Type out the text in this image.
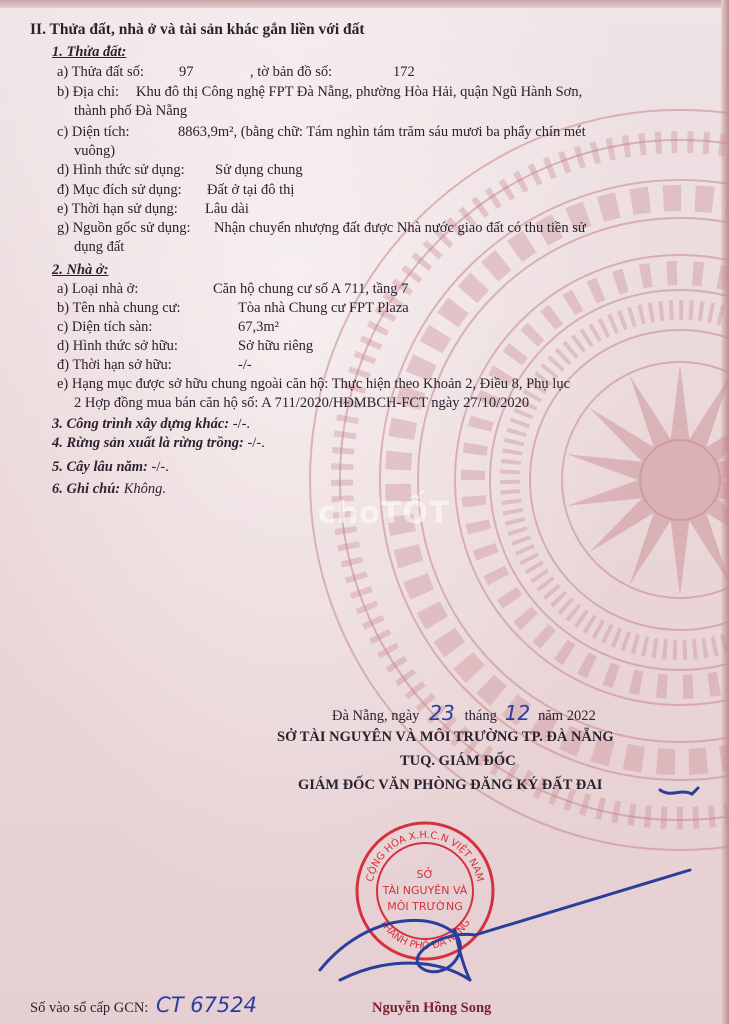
choTỐT
II. Thửa đất, nhà ở và tài sản khác gắn liền với đất
1. Thửa đất:
a) Thửa đất số: 97	, tờ bản đồ số:	172
b) Địa chỉ: Khu đô thị Công nghệ FPT Đà Nẵng, phường Hòa Hải, quận Ngũ Hành Sơn,
thành phố Đà Nẵng
c) Diện tích:	8863,9m², (bằng chữ: Tám nghìn tám trăm sáu mươi ba phẩy chín mét
vuông)
d) Hình thức sử dụng: Sử dụng chung
đ) Mục đích sử dụng: Đất ở tại đô thị
e) Thời hạn sử dụng: Lâu dài
g) Nguồn gốc sử dụng: Nhận chuyển nhượng đất được Nhà nước giao đất có thu tiền sử
dụng đất
2. Nhà ở:
a) Loại nhà ở:	Căn hộ chung cư số A 711, tầng 7
b) Tên nhà chung cư:	Tòa nhà Chung cư FPT Plaza
c) Diện tích sàn:	67,3m²
d) Hình thức sở hữu:	Sở hữu riêng
đ) Thời hạn sở hữu:	-/-
e) Hạng mục được sở hữu chung ngoài căn hộ: Thực hiện theo Khoản 2, Điều 8, Phụ lục
2 Hợp đồng mua bán căn hộ số: A 711/2020/HĐMBCH-FCT ngày 27/10/2020
3. Công trình xây dựng khác: -/-.
4. Rừng sản xuất là rừng trồng: -/-.
5. Cây lâu năm: -/-.
6. Ghi chú: Không.
Đà Nẵng, ngày 23 tháng 12 năm 2022
SỞ TÀI NGUYÊN VÀ MÔI TRƯỜNG TP. ĐÀ NẴNG
TUQ. GIÁM ĐỐC
GIÁM ĐỐC VĂN PHÒNG ĐĂNG KÝ ĐẤT ĐAI
CỘNG HÒA X.H.C.N VIỆT NAM
THÀNH PHỐ ĐÀ NẴNG
SỞ
TÀI NGUYÊN VÀ
MÔI TRƯỜNG
Nguyễn Hồng Song
Số vào sổ cấp GCN: CT 67524
